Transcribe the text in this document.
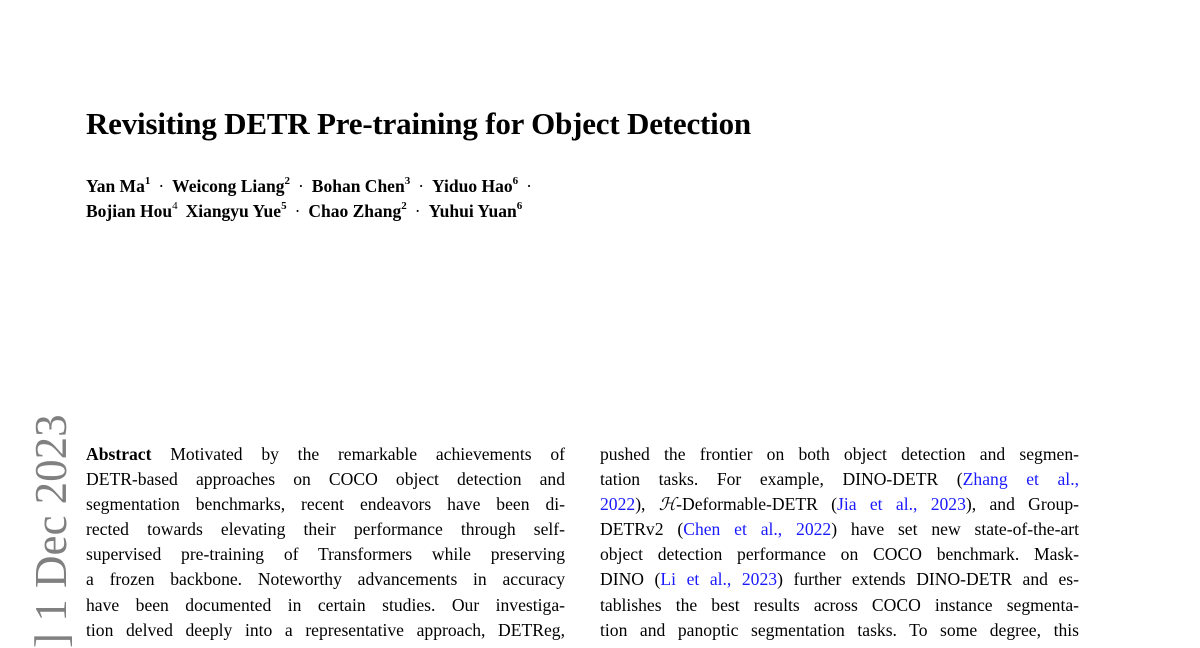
Revisiting DETR Pre-training for Object Detection
Yan $Ma^1$ · Weicong Liang$^2$ · Bohan Chen$^3$ · Yiduo Hao$^6$ ·
Bojian Hou$^4$ Xiangyu Yue$^5$ · Chao Zhang$^2$ · Yuhui Yuan$^6$
] 1 Dec 2023 Abstract Motivated by the remarkable achievements of
DETR-based approaches on COCO object detection and
segmentation benchmarks, recent endeavors have been di-
rected towards elevating their performance through self-
supervised pre-training of Transformers while preserving
a frozen backbone. Noteworthy advancements in accuracy
have been documented in certain studies. Our investiga-
tion delved deeply into a representative approach, DETReg,
pushed the frontier on both object detection and segmen-
tation tasks. For example, DINO-DETR (Zhang et al.,
2022), ℋ-Deformable-DETR (Jia et al., 2023), and Group-
DETRv2 (Chen et al., 2022) have set new state-of-the-art
object detection performance on COCO benchmark. Mask-
DINO (Li et al., 2023) further extends DINO-DETR and es-
tablishes the best results across COCO instance segmenta-
tion and panoptic segmentation tasks. To some degree, this
